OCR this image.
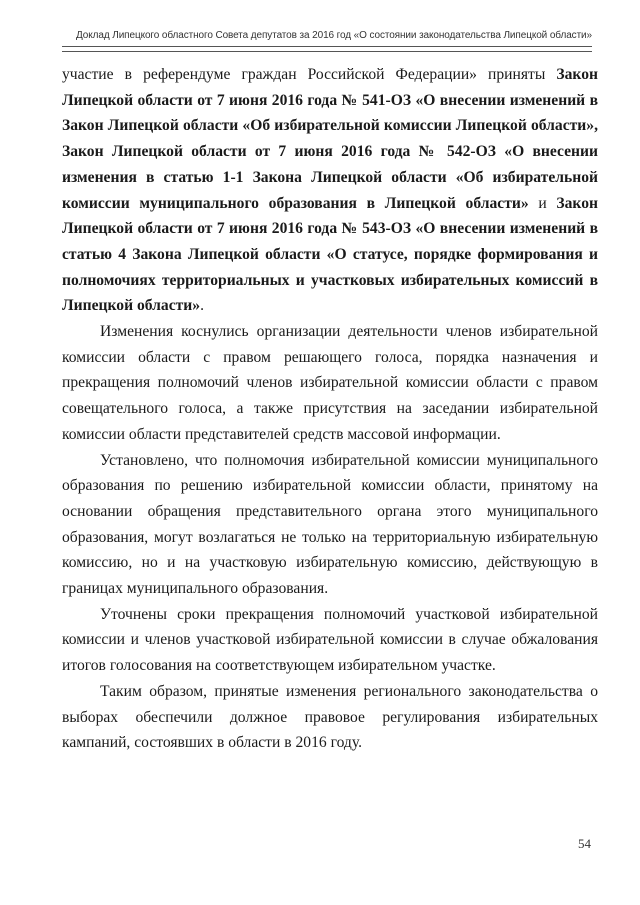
Доклад Липецкого областного Совета депутатов за 2016 год «О состоянии законодательства Липецкой области»

участие в референдуме граждан Российской Федерации» приняты Закон Липецкой области от 7 июня 2016 года № 541-ОЗ «О внесении изменений в Закон Липецкой области «Об избирательной комиссии Липецкой области», Закон Липецкой области от 7 июня 2016 года № 542-ОЗ «О внесении изменения в статью 1-1 Закона Липецкой области «Об избирательной комиссии муниципального образования в Липецкой области» и Закон Липецкой области от 7 июня 2016 года № 543-ОЗ «О внесении изменений в статью 4 Закона Липецкой области «О статусе, порядке формирования и полномочиях территориальных и участковых избирательных комиссий в Липецкой области».

Изменения коснулись организации деятельности членов избирательной комиссии области с правом решающего голоса, порядка назначения и прекращения полномочий членов избирательной комиссии области с правом совещательного голоса, а также присутствия на заседании избирательной комиссии области представителей средств массовой информации.

Установлено, что полномочия избирательной комиссии муниципального образования по решению избирательной комиссии области, принятому на основании обращения представительного органа этого муниципального образования, могут возлагаться не только на территориальную избирательную комиссию, но и на участковую избирательную комиссию, действующую в границах муниципального образования.

Уточнены сроки прекращения полномочий участковой избирательной комиссии и членов участковой избирательной комиссии в случае обжалования итогов голосования на соответствующем избирательном участке.

Таким образом, принятые изменения регионального законодательства о выборах обеспечили должное правовое регулирования избирательных кампаний, состоявших в области в 2016 году.

54
